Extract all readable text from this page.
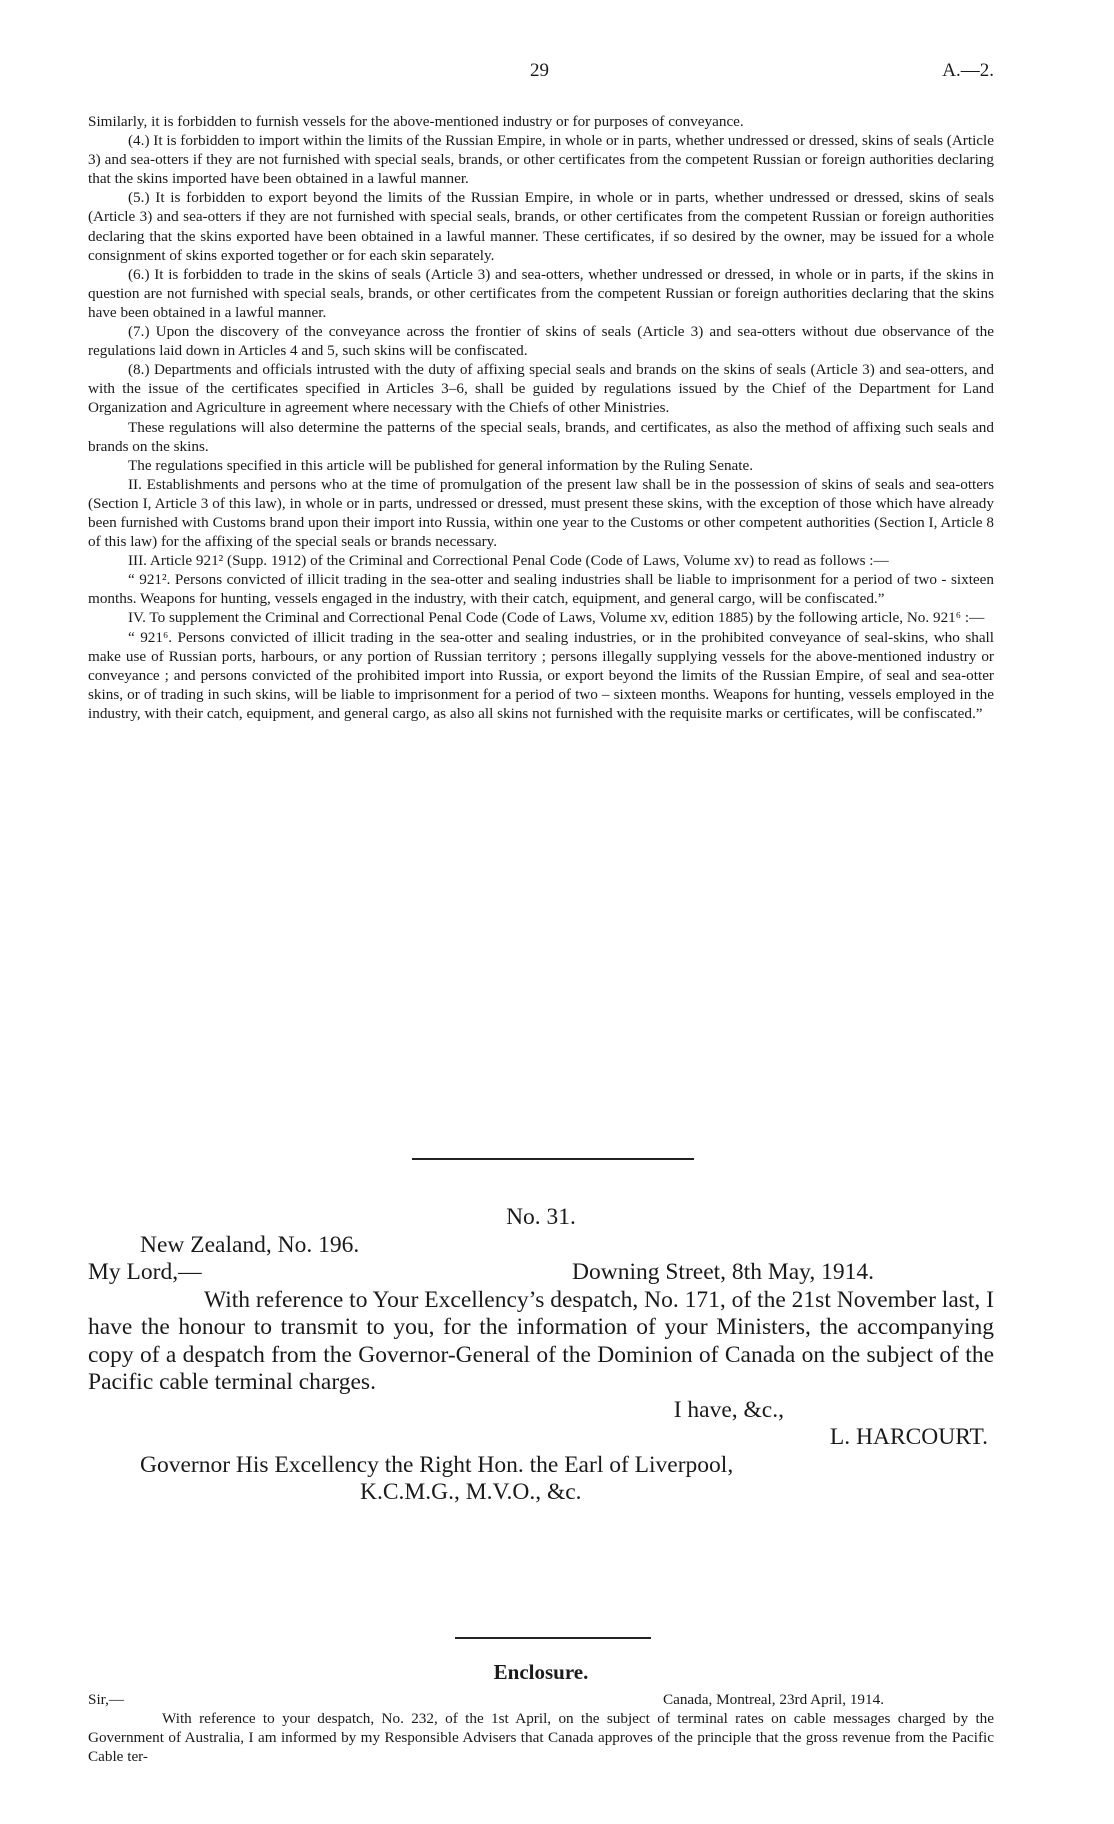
29	A.—2.

Similarly, it is forbidden to furnish vessels for the above-mentioned industry or for purposes of conveyance.

(4.) It is forbidden to import within the limits of the Russian Empire, in whole or in parts, whether undressed or dressed, skins of seals (Article 3) and sea-otters if they are not furnished with special seals, brands, or other certificates from the competent Russian or foreign authorities declaring that the skins imported have been obtained in a lawful manner.

(5.) It is forbidden to export beyond the limits of the Russian Empire, in whole or in parts, whether undressed or dressed, skins of seals (Article 3) and sea-otters if they are not furnished with special seals, brands, or other certificates from the competent Russian or foreign authorities declaring that the skins exported have been obtained in a lawful manner. These certificates, if so desired by the owner, may be issued for a whole consignment of skins exported together or for each skin separately.

(6.) It is forbidden to trade in the skins of seals (Article 3) and sea-otters, whether undressed or dressed, in whole or in parts, if the skins in question are not furnished with special seals, brands, or other certificates from the competent Russian or foreign authorities declaring that the skins have been obtained in a lawful manner.

(7.) Upon the discovery of the conveyance across the frontier of skins of seals (Article 3) and sea-otters without due observance of the regulations laid down in Articles 4 and 5, such skins will be confiscated.

(8.) Departments and officials intrusted with the duty of affixing special seals and brands on the skins of seals (Article 3) and sea-otters, and with the issue of the certificates specified in Articles 3–6, shall be guided by regulations issued by the Chief of the Department for Land Organization and Agriculture in agreement where necessary with the Chiefs of other Ministries.

These regulations will also determine the patterns of the special seals, brands, and certificates, as also the method of affixing such seals and brands on the skins.

The regulations specified in this article will be published for general information by the Ruling Senate.

II. Establishments and persons who at the time of promulgation of the present law shall be in the possession of skins of seals and sea-otters (Section I, Article 3 of this law), in whole or in parts, undressed or dressed, must present these skins, with the exception of those which have already been furnished with Customs brand upon their import into Russia, within one year to the Customs or other competent authorities (Section I, Article 8 of this law) for the affixing of the special seals or brands necessary.

III. Article 921² (Supp. 1912) of the Criminal and Correctional Penal Code (Code of Laws, Volume xv) to read as follows :—

“ 921². Persons convicted of illicit trading in the sea-otter and sealing industries shall be liable to imprisonment for a period of two - sixteen months. Weapons for hunting, vessels engaged in the industry, with their catch, equipment, and general cargo, will be confiscated.”

IV. To supplement the Criminal and Correctional Penal Code (Code of Laws, Volume xv, edition 1885) by the following article, No. 921⁶ :—

“ 921⁶. Persons convicted of illicit trading in the sea-otter and sealing industries, or in the prohibited conveyance of seal-skins, who shall make use of Russian ports, harbours, or any portion of Russian territory ; persons illegally supplying vessels for the above-mentioned industry or conveyance ; and persons convicted of the prohibited import into Russia, or export beyond the limits of the Russian Empire, of seal and sea-otter skins, or of trading in such skins, will be liable to imprisonment for a period of two – sixteen months. Weapons for hunting, vessels employed in the industry, with their catch, equipment, and general cargo, as also all skins not furnished with the requisite marks or certificates, will be confiscated.”

No. 31.

New Zealand, No. 196.

My Lord,—	Downing Street, 8th May, 1914.

With reference to Your Excellency’s despatch, No. 171, of the 21st November last, I have the honour to transmit to you, for the information of your Ministers, the accompanying copy of a despatch from the Governor-General of the Dominion of Canada on the subject of the Pacific cable terminal charges.

I have, &c.,

L. HARCOURT.

Governor His Excellency the Right Hon. the Earl of Liverpool,

K.C.M.G., M.V.O., &c.

Enclosure.

Sir,—	Canada, Montreal, 23rd April, 1914.

With reference to your despatch, No. 232, of the 1st April, on the subject of terminal rates on cable messages charged by the Government of Australia, I am informed by my Responsible Advisers that Canada approves of the principle that the gross revenue from the Pacific Cable ter-
